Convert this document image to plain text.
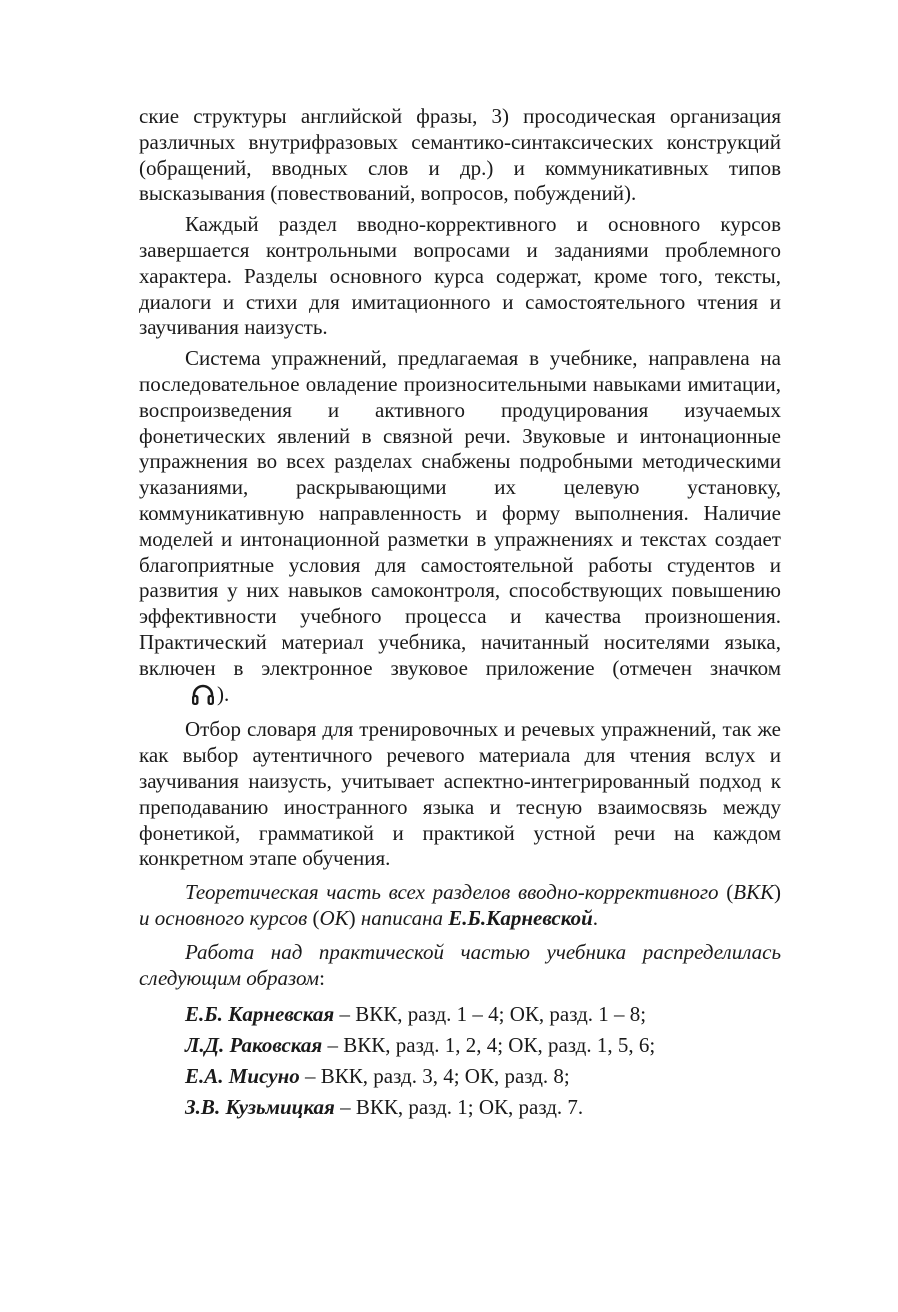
ские структуры английской фразы, 3) просодическая организация различных внутрифразовых семантико-синтаксических конструкций (обращений, вводных слов и др.) и коммуникативных типов высказывания (повествований, вопросов, побуждений).

Каждый раздел вводно-коррективного и основного курсов завершается контрольными вопросами и заданиями проблемного характера. Разделы основного курса содержат, кроме того, тексты, диалоги и стихи для имитационного и самостоятельного чтения и заучивания наизусть.

Система упражнений, предлагаемая в учебнике, направлена на последовательное овладение произносительными навыками имитации, воспроизведения и активного продуцирования изучаемых фонетических явлений в связной речи. Звуковые и интонационные упражнения во всех разделах снабжены подробными методическими указаниями, раскрывающими их целевую установку, коммуникативную направленность и форму выполнения. Наличие моделей и интонационной разметки в упражнениях и текстах создает благоприятные условия для самостоятельной работы студентов и развития у них навыков самоконтроля, способствующих повышению эффективности учебного процесса и качества произношения. Практический материал учебника, начитанный носителями языка, включен в электронное звуковое приложение (отмечен значком).

Отбор словаря для тренировочных и речевых упражнений, так же как выбор аутентичного речевого материала для чтения вслух и заучивания наизусть, учитывает аспектно-интегрированный подход к преподаванию иностранного языка и тесную взаимосвязь между фонетикой, грамматикой и практикой устной речи на каждом конкретном этапе обучения.

Теоретическая часть всех разделов вводно-коррективного (ВКК) и основного курсов (ОК) написана Е.Б.Карневской.

Работа над практической частью учебника распределилась следующим образом:

Е.Б. Карневская – ВКК, разд. 1 – 4; ОК, разд. 1 – 8;
Л.Д. Раковская – ВКК, разд. 1, 2, 4; ОК, разд. 1, 5, 6;
Е.А. Мисуно – ВКК, разд. 3, 4; ОК, разд. 8;
З.В. Кузьмицкая – ВКК, разд. 1; ОК, разд. 7.
